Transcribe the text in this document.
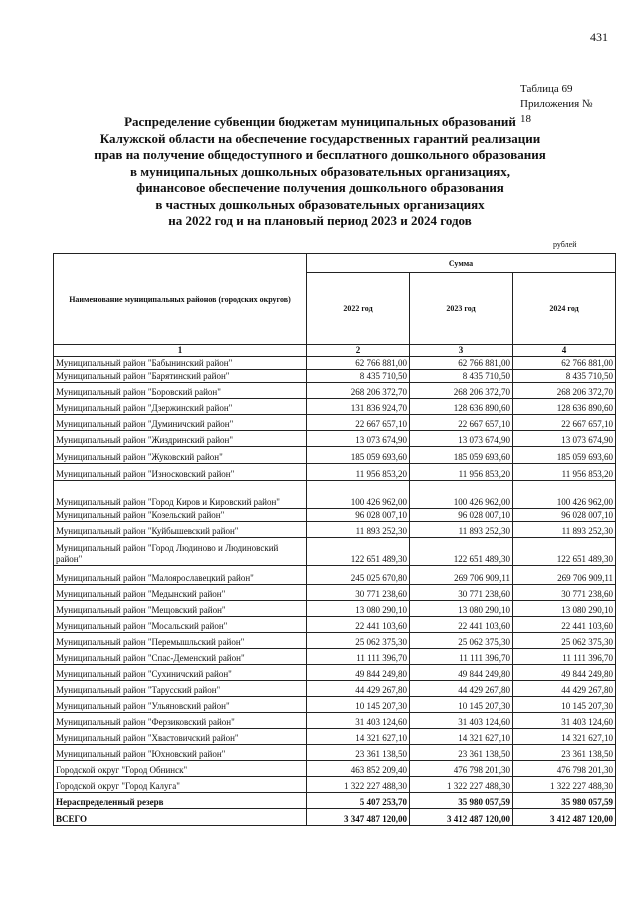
431
Таблица 69
Приложения № 18
Распределение субвенции бюджетам муниципальных образований
Калужской области на обеспечение государственных гарантий реализации
прав на получение общедоступного и бесплатного дошкольного образования
в муниципальных дошкольных образовательных организациях,
финансовое обеспечение получения дошкольного образования
в частных дошкольных образовательных организациях
на 2022 год и на плановый период 2023 и 2024 годов
рублей
Наименование муниципальных районов (городских округов)	Сумма		
	2022 год	2023 год	2024 год
1	2	3	4
Муниципальный район "Бабынинский район"	62 766 881,00	62 766 881,00	62 766 881,00
Муниципальный район "Барятинский район"	8 435 710,50	8 435 710,50	8 435 710,50
Муниципальный район "Боровский район"	268 206 372,70	268 206 372,70	268 206 372,70
Муниципальный район "Дзержинский район"	131 836 924,70	128 636 890,60	128 636 890,60
Муниципальный район "Думиничский район"	22 667 657,10	22 667 657,10	22 667 657,10
Муниципальный район "Жиздринский район"	13 073 674,90	13 073 674,90	13 073 674,90
Муниципальный район "Жуковский район"	185 059 693,60	185 059 693,60	185 059 693,60
Муниципальный район "Износковский район"	11 956 853,20	11 956 853,20	11 956 853,20
Муниципальный район "Город Киров и Кировский район"	100 426 962,00	100 426 962,00	100 426 962,00
Муниципальный район "Козельский район"	96 028 007,10	96 028 007,10	96 028 007,10
Муниципальный район "Куйбышевский район"	11 893 252,30	11 893 252,30	11 893 252,30
Муниципальный район "Город Людиново и Людиновский район"	122 651 489,30	122 651 489,30	122 651 489,30
Муниципальный район "Малоярославецкий район"	245 025 670,80	269 706 909,11	269 706 909,11
Муниципальный район "Медынский район"	30 771 238,60	30 771 238,60	30 771 238,60
Муниципальный район "Мещовский район"	13 080 290,10	13 080 290,10	13 080 290,10
Муниципальный район "Мосальский район"	22 441 103,60	22 441 103,60	22 441 103,60
Муниципальный район "Перемышльский район"	25 062 375,30	25 062 375,30	25 062 375,30
Муниципальный район "Спас-Деменский район"	11 111 396,70	11 111 396,70	11 111 396,70
Муниципальный район "Сухиничский район"	49 844 249,80	49 844 249,80	49 844 249,80
Муниципальный район "Тарусский район"	44 429 267,80	44 429 267,80	44 429 267,80
Муниципальный район "Ульяновский район"	10 145 207,30	10 145 207,30	10 145 207,30
Муниципальный район "Ферзиковский район"	31 403 124,60	31 403 124,60	31 403 124,60
Муниципальный район "Хвастовичский район"	14 321 627,10	14 321 627,10	14 321 627,10
Муниципальный район "Юхновский район"	23 361 138,50	23 361 138,50	23 361 138,50
Городской округ "Город Обнинск"	463 852 209,40	476 798 201,30	476 798 201,30
Городской округ "Город Калуга"	1 322 227 488,30	1 322 227 488,30	1 322 227 488,30
Нераспределенный резерв	5 407 253,70	35 980 057,59	35 980 057,59
ВСЕГО	3 347 487 120,00	3 412 487 120,00	3 412 487 120,00
